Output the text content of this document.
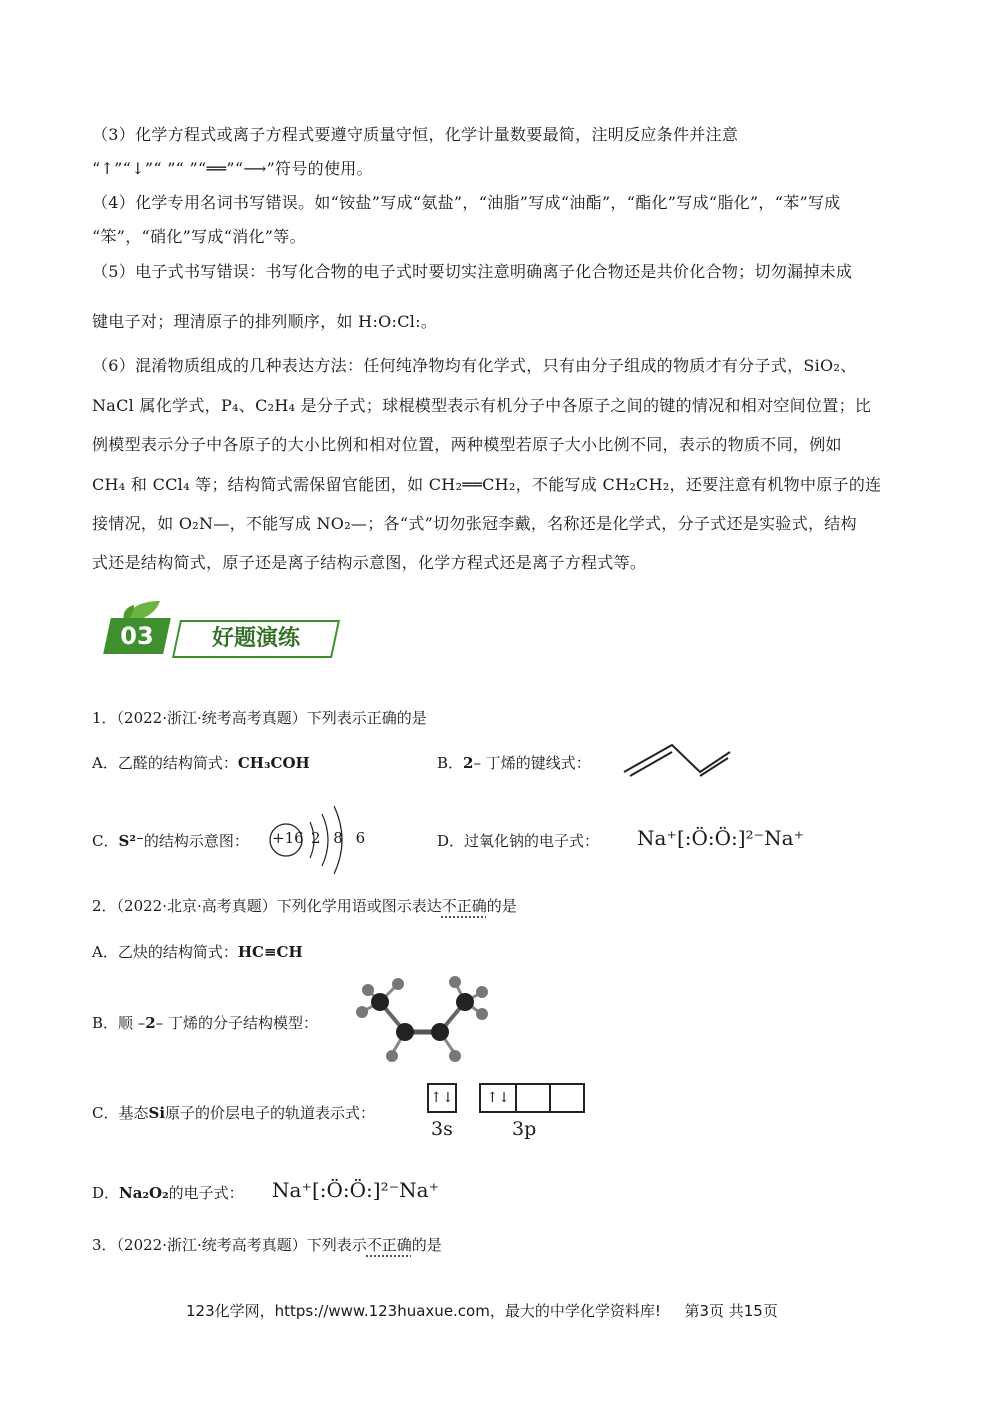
（3）化学方程式或离子方程式要遵守质量守恒，化学计量数要最简，注明反应条件并注意
“↑”“↓”“ ”“ ”“══”“⟶”符号的使用。
（4）化学专用名词书写错误。如“铵盐”写成“氨盐”，“油脂”写成“油酯”，“酯化”写成“脂化”，“苯”写成
“笨”，“硝化”写成“消化”等。
（5）电子式书写错误：书写化合物的电子式时要切实注意明确离子化合物还是共价化合物；切勿漏掉未成
键电子对；理清原子的排列顺序，如 H:O:Cl:。
（6）混淆物质组成的几种表达方法：任何纯净物均有化学式，只有由分子组成的物质才有分子式，SiO₂、
NaCl 属化学式，P₄、C₂H₄ 是分子式；球棍模型表示有机分子中各原子之间的键的情况和相对空间位置；比
例模型表示分子中各原子的大小比例和相对位置，两种模型若原子大小比例不同，表示的物质不同，例如
CH₄ 和 CCl₄ 等；结构简式需保留官能团，如 CH₂══CH₂，不能写成 CH₂CH₂，还要注意有机物中原子的连
接情况，如 O₂N—，不能写成 NO₂—；各“式”切勿张冠李戴，名称还是化学式，分子式还是实验式，结构
式还是结构简式，原子还是离子结构示意图，化学方程式还是离子方程式等。
03	好题演练
1．（2022·浙江·统考高考真题）下列表示正确的是
A．乙醛的结构简式：CH₃COH	B．2– 丁烯的键线式：
C．S²⁻的结构示意图： +16 2 8 6	D．过氧化钠的电子式： Na⁺[:Ö:Ö:]²⁻Na⁺
2．（2022·北京·高考真题）下列化学用语或图示表达不正确的是
A．乙炔的结构简式：HC≡CH
B．顺 –2– 丁烯的分子结构模型：
C．基态Si原子的价层电子的轨道表示式：
↑↓ ↑↓
3s	3p
D．Na₂O₂的电子式： Na⁺[:Ö:Ö:]²⁻Na⁺
3．（2022·浙江·统考高考真题）下列表示不正确的是
123化学网，https://www.123huaxue.com，最大的中学化学资料库! 第3页 共15页
